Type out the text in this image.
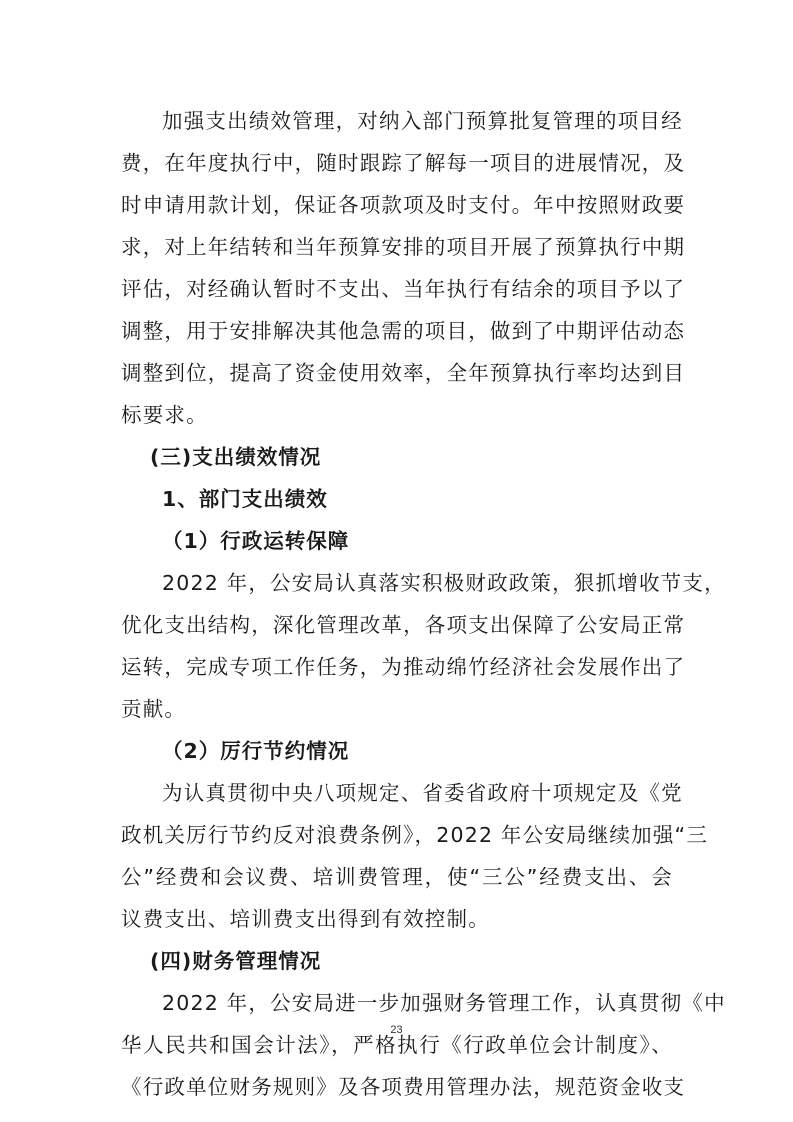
加强支出绩效管理，对纳入部门预算批复管理的项目经
费，在年度执行中，随时跟踪了解每一项目的进展情况，及
时申请用款计划，保证各项款项及时支付。年中按照财政要
求，对上年结转和当年预算安排的项目开展了预算执行中期
评估，对经确认暂时不支出、当年执行有结余的项目予以了
调整，用于安排解决其他急需的项目，做到了中期评估动态
调整到位，提高了资金使用效率，全年预算执行率均达到目
标要求。
(三)支出绩效情况
1、部门支出绩效
（1）行政运转保障
2022 年，公安局认真落实积极财政政策，狠抓增收节支，
优化支出结构，深化管理改革，各项支出保障了公安局正常
运转，完成专项工作任务，为推动绵竹经济社会发展作出了
贡献。
（2）厉行节约情况
为认真贯彻中央八项规定、省委省政府十项规定及《党
政机关厉行节约反对浪费条例》，2022 年公安局继续加强“三
公”经费和会议费、培训费管理，使“三公”经费支出、会
议费支出、培训费支出得到有效控制。
(四)财务管理情况
2022 年，公安局进一步加强财务管理工作，认真贯彻《中
23
华人民共和国会计法》，严格执行《行政单位会计制度》、
《行政单位财务规则》及各项费用管理办法，规范资金收支
